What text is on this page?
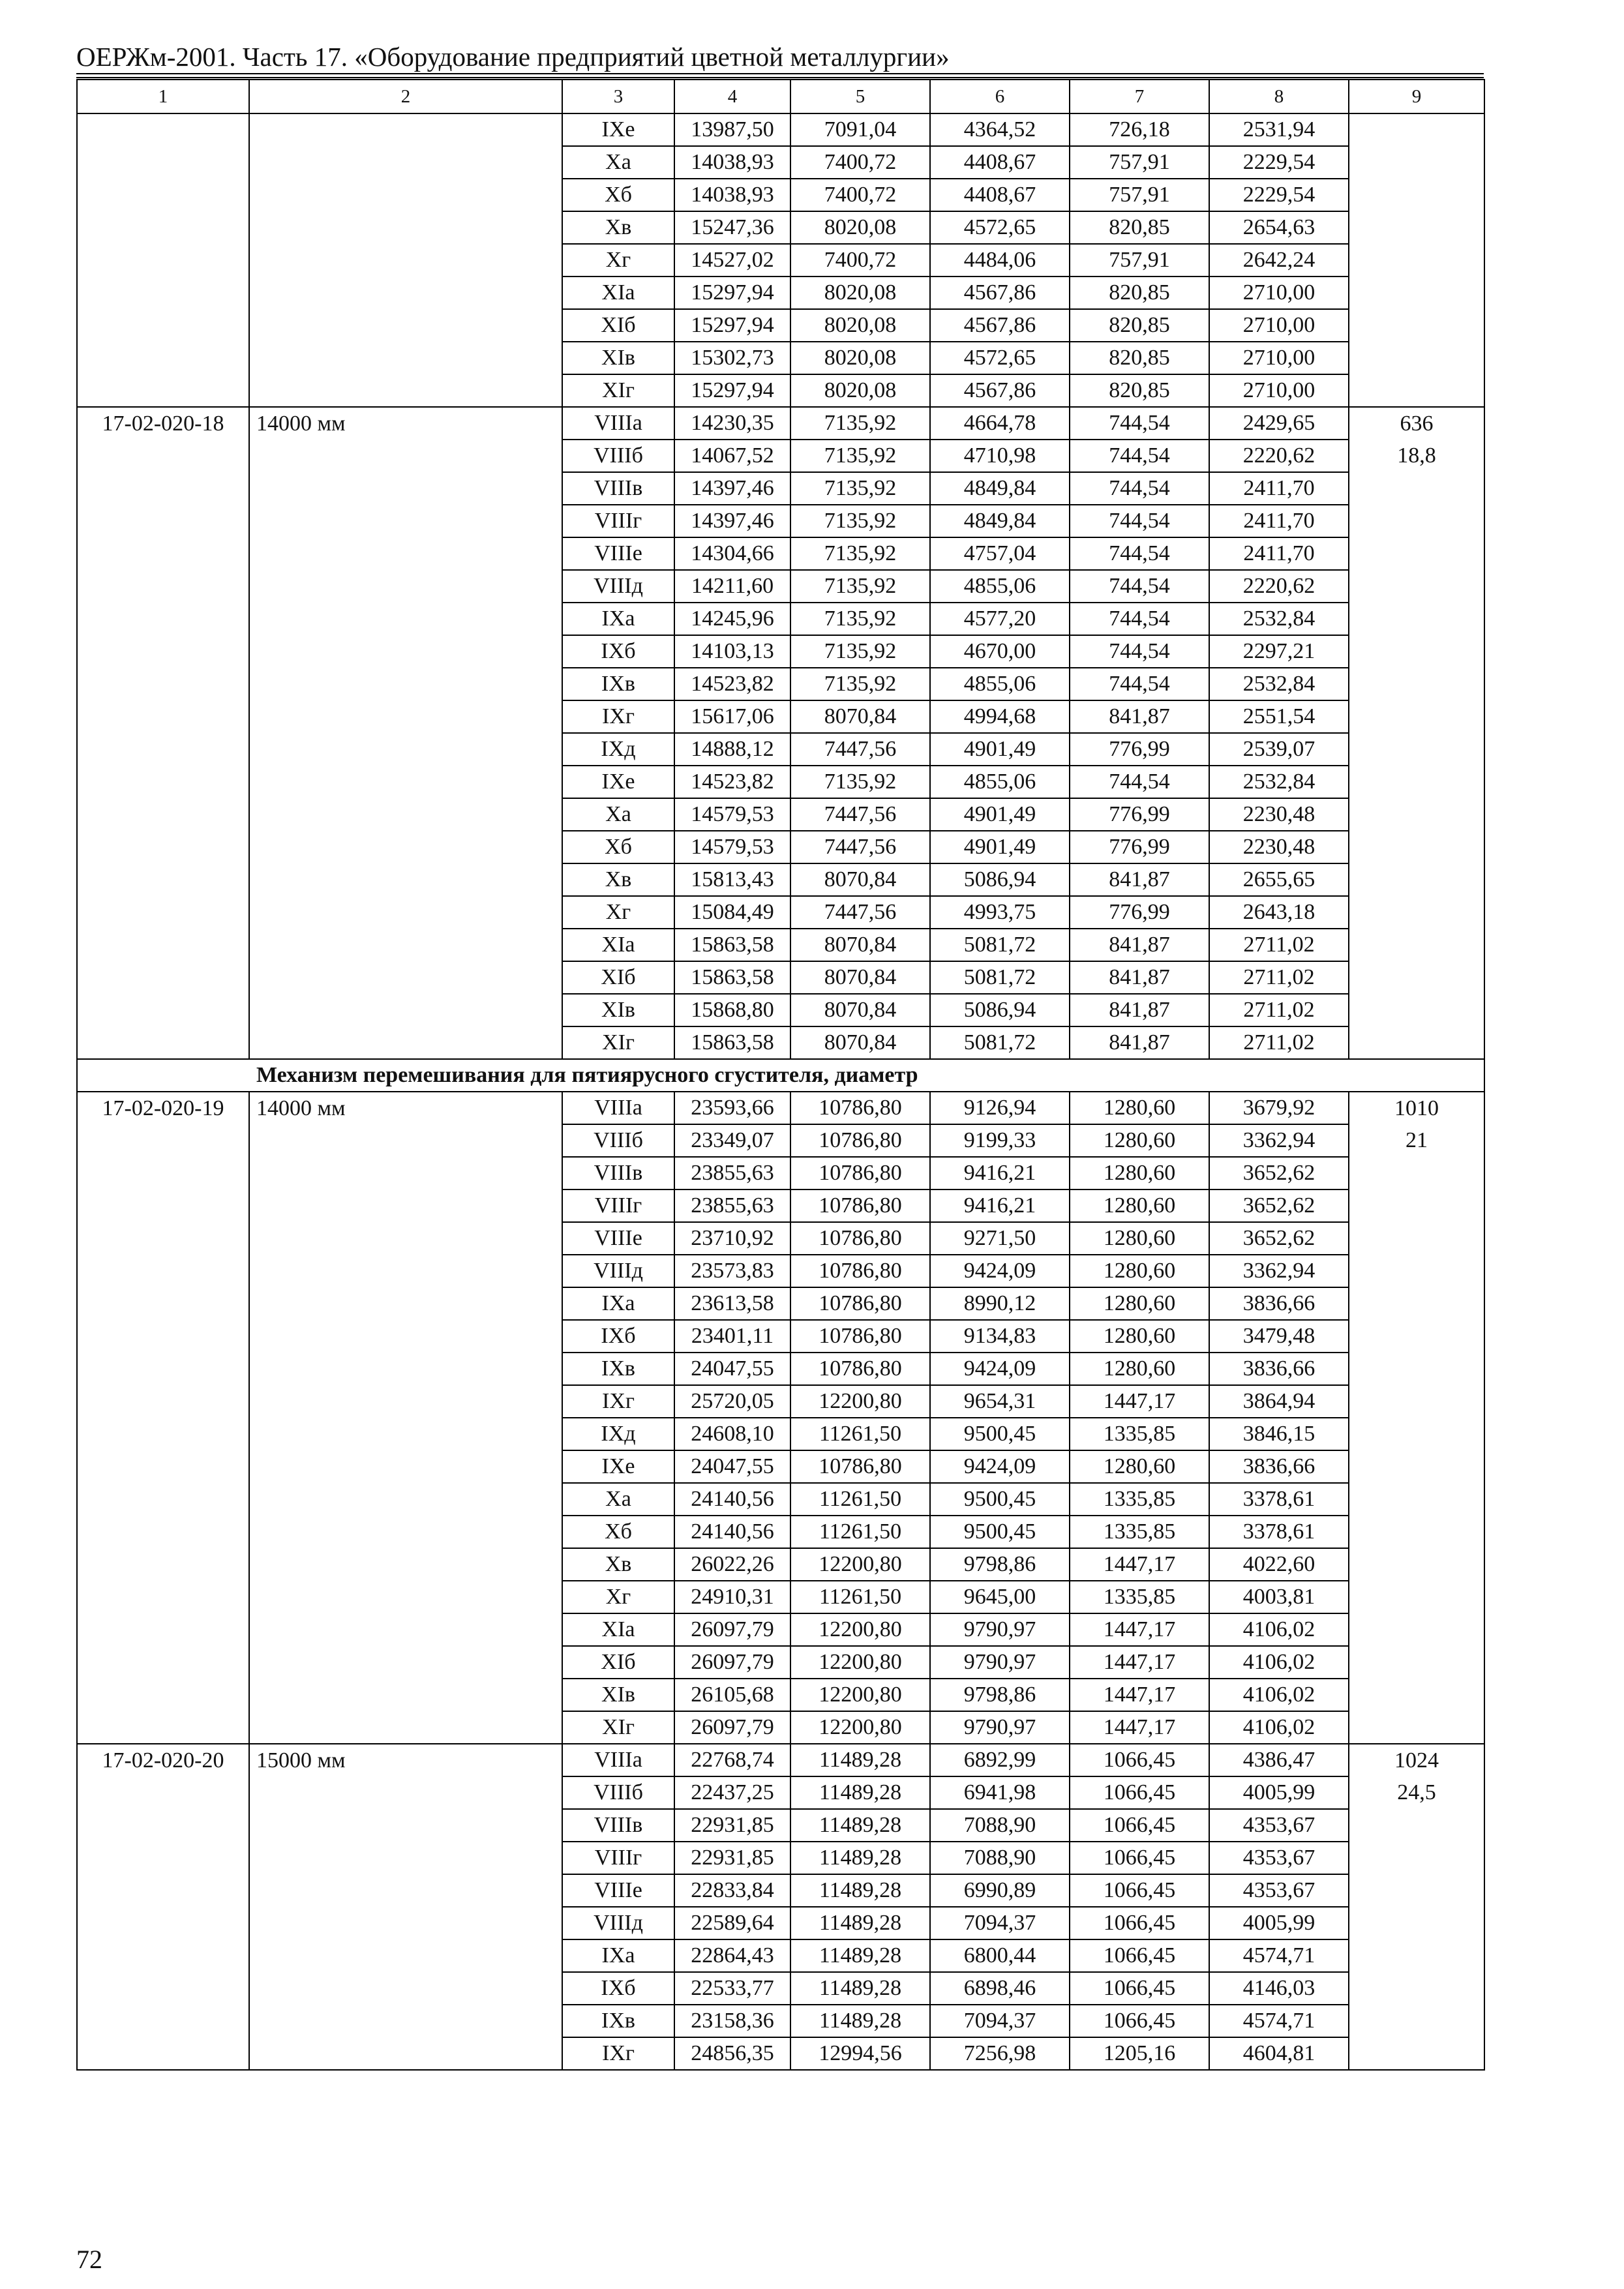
ОЕРЖм-2001. Часть 17. «Оборудование предприятий цветной металлургии»
1	2	3	4	5	6	7	8	9
		IXe	13987,50	7091,04	4364,52	726,18	2531,94	
		Xa	14038,93	7400,72	4408,67	757,91	2229,54	
		Xб	14038,93	7400,72	4408,67	757,91	2229,54	
		Xв	15247,36	8020,08	4572,65	820,85	2654,63	
		Xг	14527,02	7400,72	4484,06	757,91	2642,24	
		XIa	15297,94	8020,08	4567,86	820,85	2710,00	
		XIб	15297,94	8020,08	4567,86	820,85	2710,00	
		XIв	15302,73	8020,08	4572,65	820,85	2710,00	
		XIг	15297,94	8020,08	4567,86	820,85	2710,00	
17-02-020-18	14000 мм	VIIIa	14230,35	7135,92	4664,78	744,54	2429,65	636
		VIIIб	14067,52	7135,92	4710,98	744,54	2220,62	18,8
		VIIIв	14397,46	7135,92	4849,84	744,54	2411,70	
		VIIIг	14397,46	7135,92	4849,84	744,54	2411,70	
		VIIIe	14304,66	7135,92	4757,04	744,54	2411,70	
		VIIIд	14211,60	7135,92	4855,06	744,54	2220,62	
		IXa	14245,96	7135,92	4577,20	744,54	2532,84	
		IXб	14103,13	7135,92	4670,00	744,54	2297,21	
		IXв	14523,82	7135,92	4855,06	744,54	2532,84	
		IXг	15617,06	8070,84	4994,68	841,87	2551,54	
		IXд	14888,12	7447,56	4901,49	776,99	2539,07	
		IXe	14523,82	7135,92	4855,06	744,54	2532,84	
		Xa	14579,53	7447,56	4901,49	776,99	2230,48	
		Xб	14579,53	7447,56	4901,49	776,99	2230,48	
		Xв	15813,43	8070,84	5086,94	841,87	2655,65	
		Xг	15084,49	7447,56	4993,75	776,99	2643,18	
		XIa	15863,58	8070,84	5081,72	841,87	2711,02	
		XIб	15863,58	8070,84	5081,72	841,87	2711,02	
		XIв	15868,80	8070,84	5086,94	841,87	2711,02	
		XIг	15863,58	8070,84	5081,72	841,87	2711,02	
Механизм перемешивания для пятиярусного сгустителя, диаметр								
17-02-020-19	14000 мм	VIIIa	23593,66	10786,80	9126,94	1280,60	3679,92	1010
		VIIIб	23349,07	10786,80	9199,33	1280,60	3362,94	21
		VIIIв	23855,63	10786,80	9416,21	1280,60	3652,62	
		VIIIг	23855,63	10786,80	9416,21	1280,60	3652,62	
		VIIIe	23710,92	10786,80	9271,50	1280,60	3652,62	
		VIIIд	23573,83	10786,80	9424,09	1280,60	3362,94	
		IXa	23613,58	10786,80	8990,12	1280,60	3836,66	
		IXб	23401,11	10786,80	9134,83	1280,60	3479,48	
		IXв	24047,55	10786,80	9424,09	1280,60	3836,66	
		IXг	25720,05	12200,80	9654,31	1447,17	3864,94	
		IXд	24608,10	11261,50	9500,45	1335,85	3846,15	
		IXe	24047,55	10786,80	9424,09	1280,60	3836,66	
		Xa	24140,56	11261,50	9500,45	1335,85	3378,61	
		Xб	24140,56	11261,50	9500,45	1335,85	3378,61	
		Xв	26022,26	12200,80	9798,86	1447,17	4022,60	
		Xг	24910,31	11261,50	9645,00	1335,85	4003,81	
		XIa	26097,79	12200,80	9790,97	1447,17	4106,02	
		XIб	26097,79	12200,80	9790,97	1447,17	4106,02	
		XIв	26105,68	12200,80	9798,86	1447,17	4106,02	
		XIг	26097,79	12200,80	9790,97	1447,17	4106,02	
17-02-020-20	15000 мм	VIIIa	22768,74	11489,28	6892,99	1066,45	4386,47	1024
		VIIIб	22437,25	11489,28	6941,98	1066,45	4005,99	24,5
		VIIIв	22931,85	11489,28	7088,90	1066,45	4353,67	
		VIIIг	22931,85	11489,28	7088,90	1066,45	4353,67	
		VIIIe	22833,84	11489,28	6990,89	1066,45	4353,67	
		VIIIд	22589,64	11489,28	7094,37	1066,45	4005,99	
		IXa	22864,43	11489,28	6800,44	1066,45	4574,71	
		IXб	22533,77	11489,28	6898,46	1066,45	4146,03	
		IXв	23158,36	11489,28	7094,37	1066,45	4574,71	
		IXг	24856,35	12994,56	7256,98	1205,16	4604,81	
72
